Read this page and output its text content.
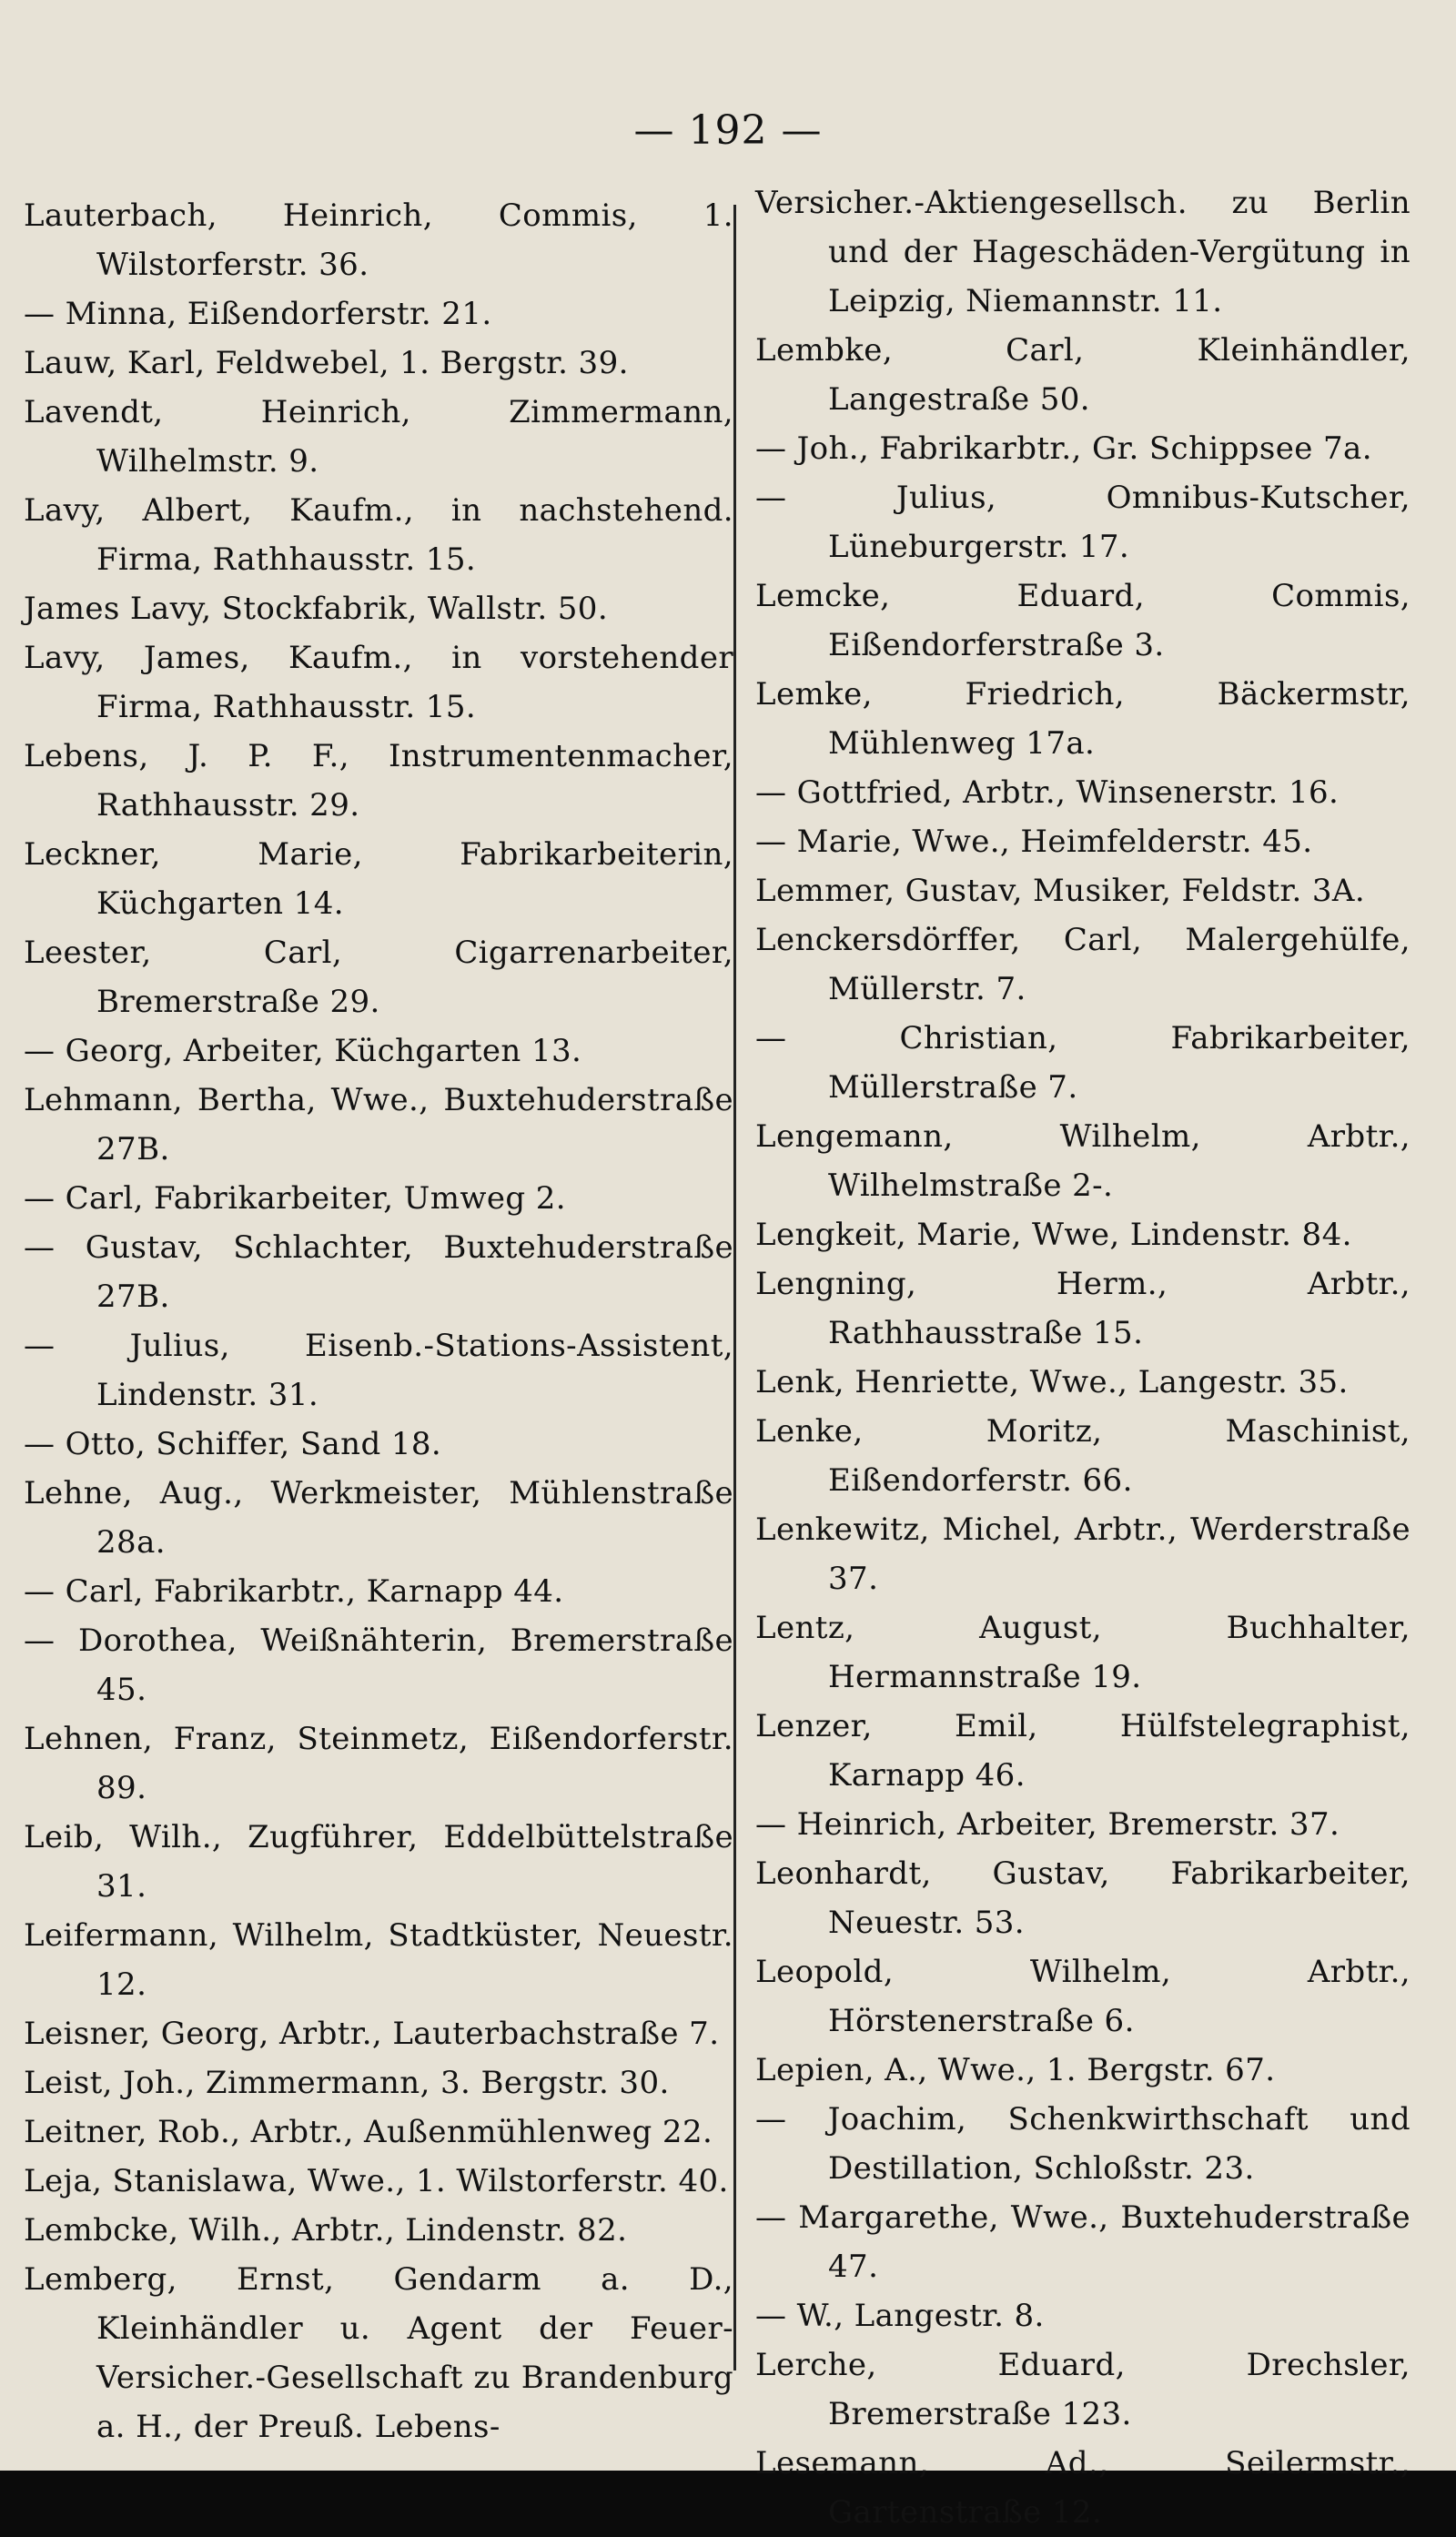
— 192 —
Lauterbach, Heinrich, Commis, 1. Wilstorferstr. 36.
— Minna, Eißendorferstr. 21.
Lauw, Karl, Feldwebel, 1. Bergstr. 39.
Lavendt, Heinrich, Zimmermann, Wilhelmstr. 9.
Lavy, Albert, Kaufm., in nachstehend. Firma, Rathhausstr. 15.
James Lavy, Stockfabrik, Wallstr. 50.
Lavy, James, Kaufm., in vorstehender Firma, Rathhausstr. 15.
Lebens, J. P. F., Instrumentenmacher, Rathhausstr. 29.
Leckner, Marie, Fabrikarbeiterin, Küchgarten 14.
Leester, Carl, Cigarrenarbeiter, Bremerstraße 29.
— Georg, Arbeiter, Küchgarten 13.
Lehmann, Bertha, Wwe., Buxtehuderstraße 27B.
— Carl, Fabrikarbeiter, Umweg 2.
— Gustav, Schlachter, Buxtehuderstraße 27B.
— Julius, Eisenb.-Stations-Assistent, Lindenstr. 31.
— Otto, Schiffer, Sand 18.
Lehne, Aug., Werkmeister, Mühlenstraße 28a.
— Carl, Fabrikarbtr., Karnapp 44.
— Dorothea, Weißnähterin, Bremerstraße 45.
Lehnen, Franz, Steinmetz, Eißendorferstr. 89.
Leib, Wilh., Zugführer, Eddelbüttelstraße 31.
Leifermann, Wilhelm, Stadtküster, Neuestr. 12.
Leisner, Georg, Arbtr., Lauterbachstraße 7.
Leist, Joh., Zimmermann, 3. Bergstr. 30.
Leitner, Rob., Arbtr., Außenmühlenweg 22.
Leja, Stanislawa, Wwe., 1. Wilstorferstr. 40.
Lembcke, Wilh., Arbtr., Lindenstr. 82.
Lemberg, Ernst, Gendarm a. D., Kleinhändler u. Agent der Feuer-Versicher.-Gesellschaft zu Brandenburg a. H., der Preuß. Lebens-
Versicher.-Aktiengesellsch. zu Berlin und der Hageschäden-Vergütung in Leipzig, Niemannstr. 11.
Lembke, Carl, Kleinhändler, Langestraße 50.
— Joh., Fabrikarbtr., Gr. Schippsee 7a.
— Julius, Omnibus-Kutscher, Lüneburgerstr. 17.
Lemcke, Eduard, Commis, Eißendorferstraße 3.
Lemke, Friedrich, Bäckermstr, Mühlenweg 17a.
— Gottfried, Arbtr., Winsenerstr. 16.
— Marie, Wwe., Heimfelderstr. 45.
Lemmer, Gustav, Musiker, Feldstr. 3A.
Lenckersdörffer, Carl, Malergehülfe, Müllerstr. 7.
— Christian, Fabrikarbeiter, Müllerstraße 7.
Lengemann, Wilhelm, Arbtr., Wilhelmstraße 2-.
Lengkeit, Marie, Wwe, Lindenstr. 84.
Lengning, Herm., Arbtr., Rathhausstraße 15.
Lenk, Henriette, Wwe., Langestr. 35.
Lenke, Moritz, Maschinist, Eißendorferstr. 66.
Lenkewitz, Michel, Arbtr., Werderstraße 37.
Lentz, August, Buchhalter, Hermannstraße 19.
Lenzer, Emil, Hülfstelegraphist, Karnapp 46.
— Heinrich, Arbeiter, Bremerstr. 37.
Leonhardt, Gustav, Fabrikarbeiter, Neuestr. 53.
Leopold, Wilhelm, Arbtr., Hörstenerstraße 6.
Lepien, A., Wwe., 1. Bergstr. 67.
— Joachim, Schenkwirthschaft und Destillation, Schloßstr. 23.
— Margarethe, Wwe., Buxtehuderstraße 47.
— W., Langestr. 8.
Lerche, Eduard, Drechsler, Bremerstraße 123.
Lesemann, Ad., Seilermstr., Gartenstraße 12.
